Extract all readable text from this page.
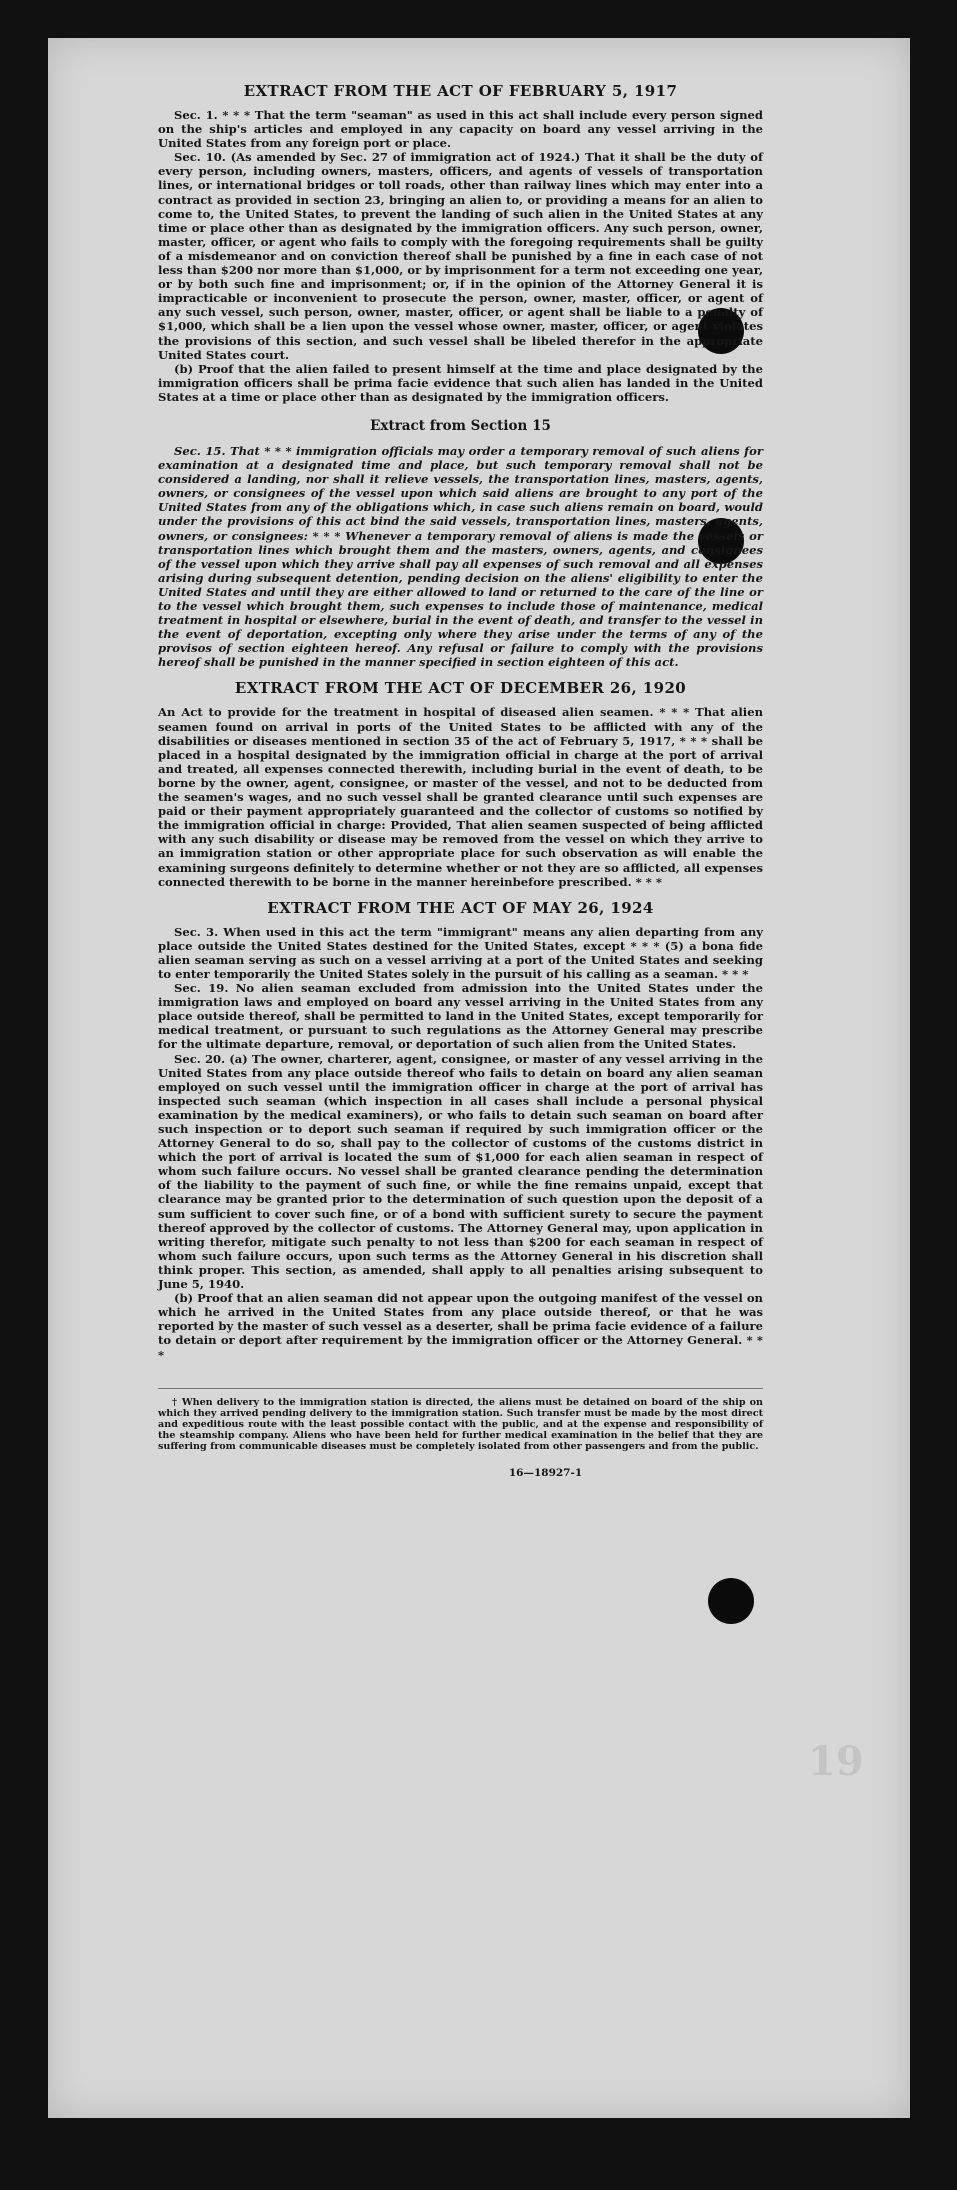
19
EXTRACT FROM THE ACT OF FEBRUARY 5, 1917

Sec. 1. * * * That the term "seaman" as used in this act shall include every person signed on the ship's articles and employed in any capacity on board any vessel arriving in the United States from any foreign port or place.

Sec. 10. (As amended by Sec. 27 of immigration act of 1924.) That it shall be the duty of every person, including owners, masters, officers, and agents of vessels of transportation lines, or international bridges or toll roads, other than railway lines which may enter into a contract as provided in section 23, bringing an alien to, or providing a means for an alien to come to, the United States, to prevent the landing of such alien in the United States at any time or place other than as designated by the immigration officers. Any such person, owner, master, officer, or agent who fails to comply with the foregoing requirements shall be guilty of a misdemeanor and on conviction thereof shall be punished by a fine in each case of not less than $200 nor more than $1,000, or by imprisonment for a term not exceeding one year, or by both such fine and imprisonment; or, if in the opinion of the Attorney General it is impracticable or inconvenient to prosecute the person, owner, master, officer, or agent of any such vessel, such person, owner, master, officer, or agent shall be liable to a penalty of $1,000, which shall be a lien upon the vessel whose owner, master, officer, or agent violates the provisions of this section, and such vessel shall be libeled therefor in the appropriate United States court.

(b) Proof that the alien failed to present himself at the time and place designated by the immigration officers shall be prima facie evidence that such alien has landed in the United States at a time or place other than as designated by the immigration officers.

Extract from Section 15

Sec. 15. That * * * immigration officials may order a temporary removal of such aliens for examination at a designated time and place, but such temporary removal shall not be considered a landing, nor shall it relieve vessels, the transportation lines, masters, agents, owners, or consignees of the vessel upon which said aliens are brought to any port of the United States from any of the obligations which, in case such aliens remain on board, would under the provisions of this act bind the said vessels, transportation lines, masters, agents, owners, or consignees: * * * Whenever a temporary removal of aliens is made the vessels or transportation lines which brought them and the masters, owners, agents, and consignees of the vessel upon which they arrive shall pay all expenses of such removal and all expenses arising during subsequent detention, pending decision on the aliens' eligibility to enter the United States and until they are either allowed to land or returned to the care of the line or to the vessel which brought them, such expenses to include those of maintenance, medical treatment in hospital or elsewhere, burial in the event of death, and transfer to the vessel in the event of deportation, excepting only where they arise under the terms of any of the provisos of section eighteen hereof. Any refusal or failure to comply with the provisions hereof shall be punished in the manner specified in section eighteen of this act.

EXTRACT FROM THE ACT OF DECEMBER 26, 1920

An Act to provide for the treatment in hospital of diseased alien seamen. * * * That alien seamen found on arrival in ports of the United States to be afflicted with any of the disabilities or diseases mentioned in section 35 of the act of February 5, 1917, * * * shall be placed in a hospital designated by the immigration official in charge at the port of arrival and treated, all expenses connected therewith, including burial in the event of death, to be borne by the owner, agent, consignee, or master of the vessel, and not to be deducted from the seamen's wages, and no such vessel shall be granted clearance until such expenses are paid or their payment appropriately guaranteed and the collector of customs so notified by the immigration official in charge: Provided, That alien seamen suspected of being afflicted with any such disability or disease may be removed from the vessel on which they arrive to an immigration station or other appropriate place for such observation as will enable the examining surgeons definitely to determine whether or not they are so afflicted, all expenses connected therewith to be borne in the manner hereinbefore prescribed. * * *

EXTRACT FROM THE ACT OF MAY 26, 1924

Sec. 3. When used in this act the term "immigrant" means any alien departing from any place outside the United States destined for the United States, except * * * (5) a bona fide alien seaman serving as such on a vessel arriving at a port of the United States and seeking to enter temporarily the United States solely in the pursuit of his calling as a seaman. * * *

Sec. 19. No alien seaman excluded from admission into the United States under the immigration laws and employed on board any vessel arriving in the United States from any place outside thereof, shall be permitted to land in the United States, except temporarily for medical treatment, or pursuant to such regulations as the Attorney General may prescribe for the ultimate departure, removal, or deportation of such alien from the United States.

Sec. 20. (a) The owner, charterer, agent, consignee, or master of any vessel arriving in the United States from any place outside thereof who fails to detain on board any alien seaman employed on such vessel until the immigration officer in charge at the port of arrival has inspected such seaman (which inspection in all cases shall include a personal physical examination by the medical examiners), or who fails to detain such seaman on board after such inspection or to deport such seaman if required by such immigration officer or the Attorney General to do so, shall pay to the collector of customs of the customs district in which the port of arrival is located the sum of $1,000 for each alien seaman in respect of whom such failure occurs. No vessel shall be granted clearance pending the determination of the liability to the payment of such fine, or while the fine remains unpaid, except that clearance may be granted prior to the determination of such question upon the deposit of a sum sufficient to cover such fine, or of a bond with sufficient surety to secure the payment thereof approved by the collector of customs. The Attorney General may, upon application in writing therefor, mitigate such penalty to not less than $200 for each seaman in respect of whom such failure occurs, upon such terms as the Attorney General in his discretion shall think proper. This section, as amended, shall apply to all penalties arising subsequent to June 5, 1940.

(b) Proof that an alien seaman did not appear upon the outgoing manifest of the vessel on which he arrived in the United States from any place outside thereof, or that he was reported by the master of such vessel as a deserter, shall be prima facie evidence of a failure to detain or deport after requirement by the immigration officer or the Attorney General. * * *

† When delivery to the immigration station is directed, the aliens must be detained on board of the ship on which they arrived pending delivery to the immigration station. Such transfer must be made by the most direct and expeditious route with the least possible contact with the public, and at the expense and responsibility of the steamship company. Aliens who have been held for further medical examination in the belief that they are suffering from communicable diseases must be completely isolated from other passengers and from the public.
16—18927-1
